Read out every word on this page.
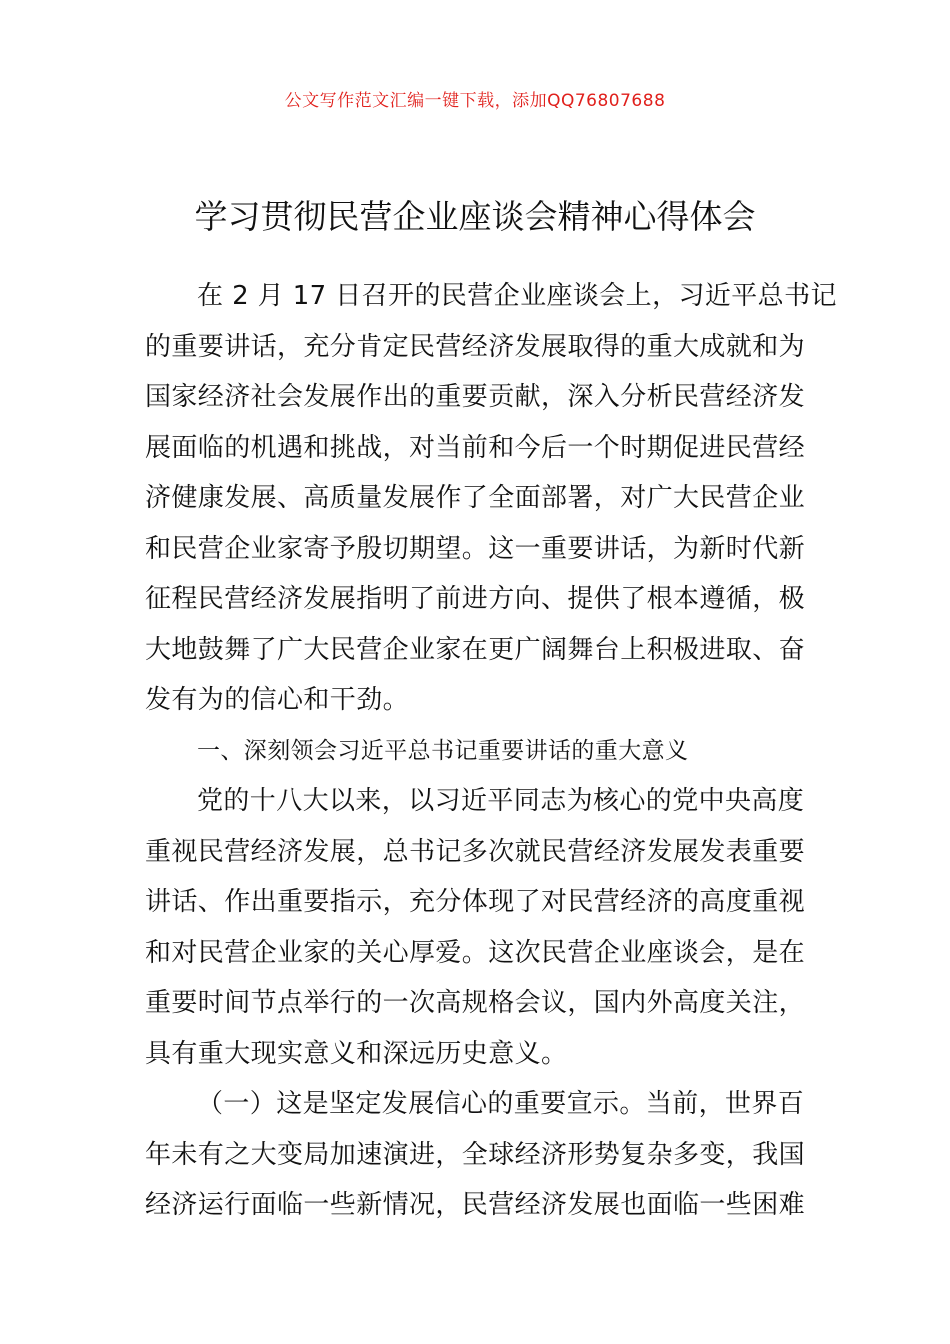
公文写作范文汇编一键下载，添加QQ76807688
学习贯彻民营企业座谈会精神心得体会
在 2 月 17 日召开的民营企业座谈会上，习近平总书记
的重要讲话，充分肯定民营经济发展取得的重大成就和为
国家经济社会发展作出的重要贡献，深入分析民营经济发
展面临的机遇和挑战，对当前和今后一个时期促进民营经
济健康发展、高质量发展作了全面部署，对广大民营企业
和民营企业家寄予殷切期望。这一重要讲话，为新时代新
征程民营经济发展指明了前进方向、提供了根本遵循，极
大地鼓舞了广大民营企业家在更广阔舞台上积极进取、奋
发有为的信心和干劲。
一、深刻领会习近平总书记重要讲话的重大意义
党的十八大以来，以习近平同志为核心的党中央高度
重视民营经济发展，总书记多次就民营经济发展发表重要
讲话、作出重要指示，充分体现了对民营经济的高度重视
和对民营企业家的关心厚爱。这次民营企业座谈会，是在
重要时间节点举行的一次高规格会议，国内外高度关注，
具有重大现实意义和深远历史意义。
（一）这是坚定发展信心的重要宣示。当前，世界百
年未有之大变局加速演进，全球经济形势复杂多变，我国
经济运行面临一些新情况，民营经济发展也面临一些困难
